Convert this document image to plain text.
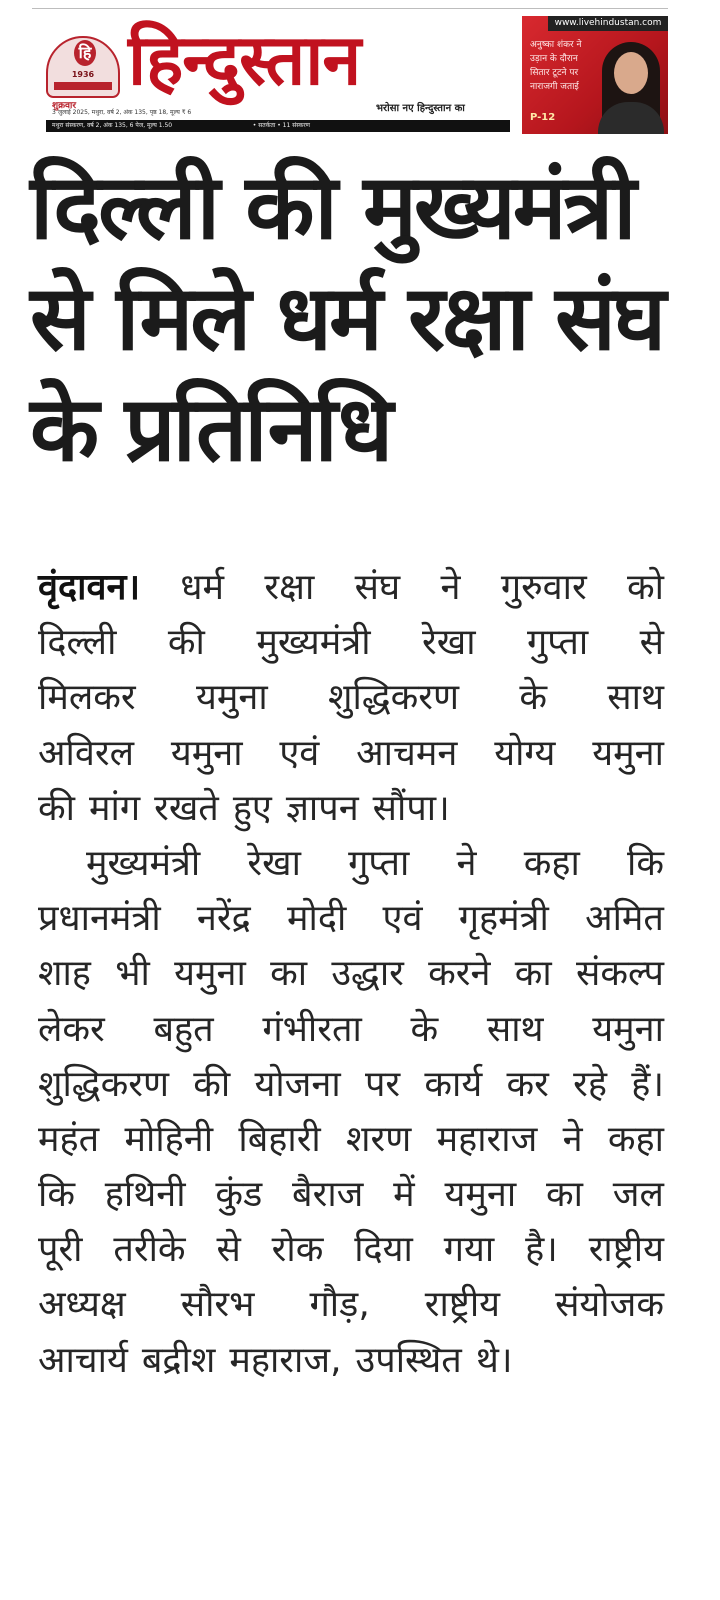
हि
1936 हिन्दुस्तान
शुक्रवार
3 जुलाई 2025, मथुरा, वर्ष 2, अंक 135, पृष्ठ 18, मूल्य ₹ 6	भरोसा नए हिन्दुस्तान का
मथुरा संस्करण, वर्ष 2, अंक 135, 6 पेज, मूल्य 1.50	• सतर्कता • 11 संस्करण
www.livehindustan.com
अनुष्का शंकर ने उड़ान के दौरान सितार टूटने पर नाराजगी जताई
P-12
दिल्ली की मुख्यमंत्री
से मिले धर्म रक्षा संघ
के प्रतिनिधि
वृंदावन। धर्म रक्षा संघ ने गुरुवार को
दिल्ली की मुख्यमंत्री रेखा गुप्ता से
मिलकर यमुना शुद्धिकरण के साथ
अविरल यमुना एवं आचमन योग्य यमुना
की मांग रखते हुए ज्ञापन सौंपा।
मुख्यमंत्री रेखा गुप्ता ने कहा कि
प्रधानमंत्री नरेंद्र मोदी एवं गृहमंत्री अमित
शाह भी यमुना का उद्धार करने का संकल्प
लेकर बहुत गंभीरता के साथ यमुना
शुद्धिकरण की योजना पर कार्य कर रहे हैं।
महंत मोहिनी बिहारी शरण महाराज ने कहा
कि हथिनी कुंड बैराज में यमुना का जल
पूरी तरीके से रोक दिया गया है। राष्ट्रीय
अध्यक्ष सौरभ गौड़, राष्ट्रीय संयोजक
आचार्य बद्रीश महाराज, उपस्थित थे।
